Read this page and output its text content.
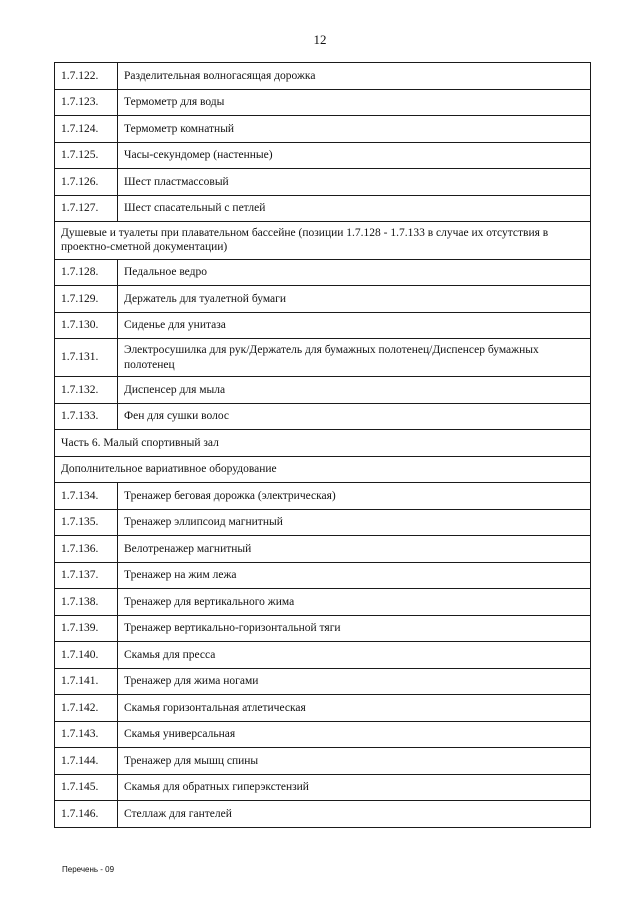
12
1.7.122.	Разделительная волногасящая дорожка
1.7.123.	Термометр для воды
1.7.124.	Термометр комнатный
1.7.125.	Часы-секундомер (настенные)
1.7.126.	Шест пластмассовый
1.7.127.	Шест спасательный с петлей
Душевые и туалеты при плавательном бассейне (позиции 1.7.128 - 1.7.133 в случае их отсутствия в проектно-сметной документации)	
1.7.128.	Педальное ведро
1.7.129.	Держатель для туалетной бумаги
1.7.130.	Сиденье для унитаза
1.7.131.	Электросушилка для рук/Держатель для бумажных полотенец/Диспенсер бумажных полотенец
1.7.132.	Диспенсер для мыла
1.7.133.	Фен для сушки волос
Часть 6. Малый спортивный зал	
Дополнительное вариативное оборудование	
1.7.134.	Тренажер беговая дорожка (электрическая)
1.7.135.	Тренажер эллипсоид магнитный
1.7.136.	Велотренажер магнитный
1.7.137.	Тренажер на жим лежа
1.7.138.	Тренажер для вертикального жима
1.7.139.	Тренажер вертикально-горизонтальной тяги
1.7.140.	Скамья для пресса
1.7.141.	Тренажер для жима ногами
1.7.142.	Скамья горизонтальная атлетическая
1.7.143.	Скамья универсальная
1.7.144.	Тренажер для мышц спины
1.7.145.	Скамья для обратных гиперэкстензий
1.7.146.	Стеллаж для гантелей
Перечень - 09
